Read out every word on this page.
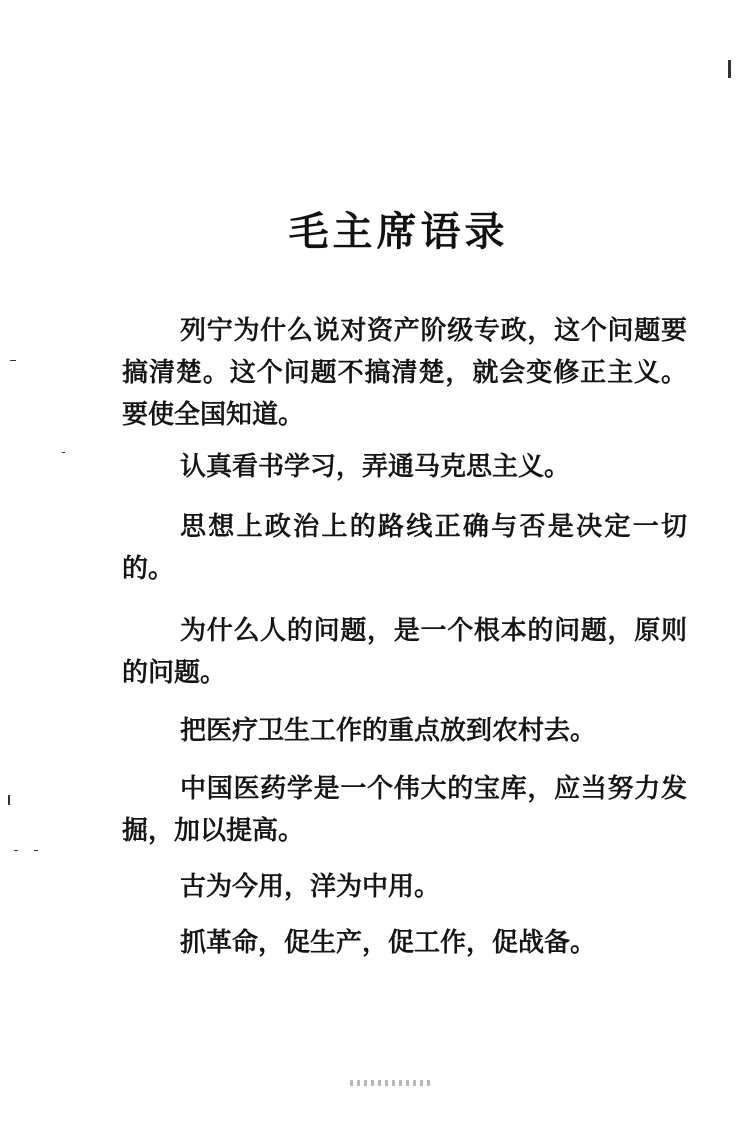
毛主席语录

列宁为什么说对资产阶级专政，这个问题要搞清楚。这个问题不搞清楚，就会变修正主义。要使全国知道。

认真看书学习，弄通马克思主义。

思想上政治上的路线正确与否是决定一切的。

为什么人的问题，是一个根本的问题，原则的问题。

把医疗卫生工作的重点放到农村去。

中国医药学是一个伟大的宝库，应当努力发掘，加以提高。

古为今用，洋为中用。

抓革命，促生产，促工作，促战备。
